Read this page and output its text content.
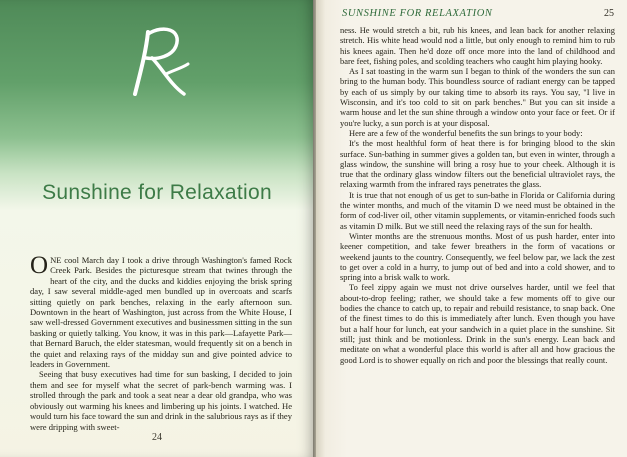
Sunshine for Relaxation

ONE cool March day I took a drive through Washington's famed Rock Creek Park. Besides the picturesque stream that twines through the heart of the city, and the ducks and kiddies enjoying the brisk spring day, I saw several middle-aged men bundled up in overcoats and scarfs sitting quietly on park benches, relaxing in the early afternoon sun. Downtown in the heart of Washington, just across from the White House, I saw well-dressed Government executives and businessmen sitting in the sun basking or quietly talking. You know, it was in this park—Lafayette Park—that Bernard Baruch, the elder statesman, would frequently sit on a bench in the quiet and relaxing rays of the midday sun and give pointed advice to leaders in Government.

Seeing that busy executives had time for sun basking, I decided to join them and see for myself what the secret of park-bench warming was. I strolled through the park and took a seat near a dear old grandpa, who was obviously out warming his knees and limbering up his joints. I watched. He would turn his face toward the sun and drink in the salubrious rays as if they were dripping with sweet-

24
SUNSHINE FOR RELAXATION	25

ness. He would stretch a bit, rub his knees, and lean back for another relaxing stretch. His white head would nod a little, but only enough to remind him to rub his knees again. Then he'd doze off once more into the land of childhood and bare feet, fishing poles, and scolding teachers who caught him playing hooky.

As I sat toasting in the warm sun I began to think of the wonders the sun can bring to the human body. This boundless source of radiant energy can be tapped by each of us simply by our taking time to absorb its rays. You say, "I live in Wisconsin, and it's too cold to sit on park benches." But you can sit inside a warm house and let the sun shine through a window onto your face or feet. Or if you're lucky, a sun porch is at your disposal.

Here are a few of the wonderful benefits the sun brings to your body:

It's the most healthful form of heat there is for bringing blood to the skin surface. Sun-bathing in summer gives a golden tan, but even in winter, through a glass window, the sunshine will bring a rosy hue to your cheek. Although it is true that the ordinary glass window filters out the beneficial ultraviolet rays, the relaxing warmth from the infrared rays penetrates the glass.

It is true that not enough of us get to sun-bathe in Florida or California during the winter months, and much of the vitamin D we need must be obtained in the form of cod-liver oil, other vitamin supplements, or vitamin-enriched foods such as vitamin D milk. But we still need the relaxing rays of the sun for health.

Winter months are the strenuous months. Most of us push harder, enter into keener competition, and take fewer breathers in the form of vacations or weekend jaunts to the country. Consequently, we feel below par, we lack the zest to get over a cold in a hurry, to jump out of bed and into a cold shower, and to spring into a brisk walk to work.

To feel zippy again we must not drive ourselves harder, until we feel that about-to-drop feeling; rather, we should take a few moments off to give our bodies the chance to catch up, to repair and rebuild resistance, to snap back. One of the finest times to do this is immediately after lunch. Even though you have but a half hour for lunch, eat your sandwich in a quiet place in the sunshine. Sit still; just think and be motionless. Drink in the sun's energy. Lean back and meditate on what a wonderful place this world is after all and how gracious the good Lord is to shower equally on rich and poor the blessings that really count.
